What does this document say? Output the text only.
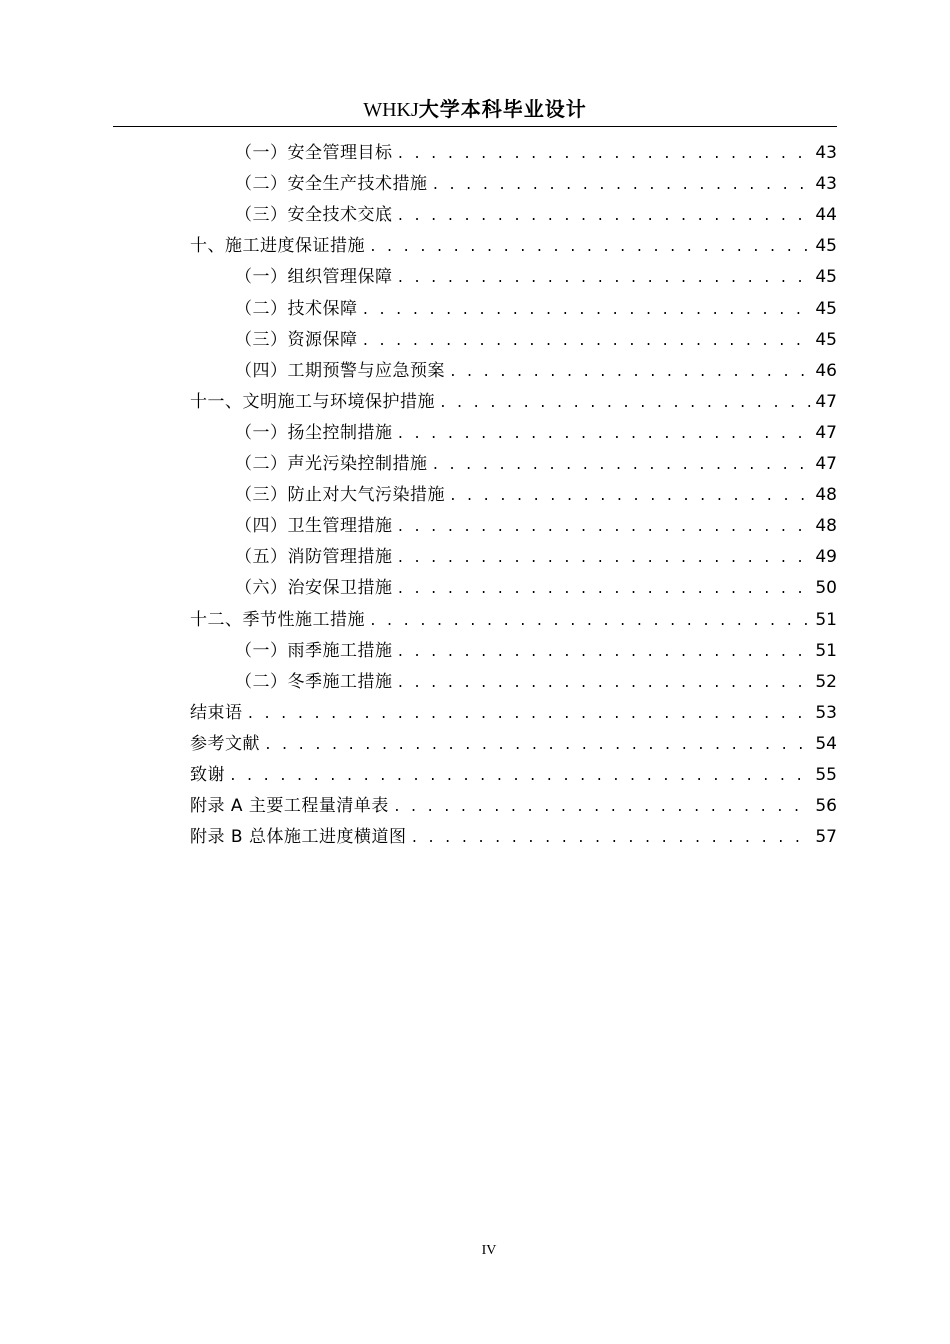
WHKJ大学本科毕业设计
（一）安全管理目标 . . .	43
（二）安全生产技术措施 . . .	43
（三）安全技术交底 . . .	44
十、施工进度保证措施 . . .	45
（一）组织管理保障 . . .	45
（二）技术保障 . . .	45
（三）资源保障 . . .	45
（四）工期预警与应急预案 . . .	46
十一、文明施工与环境保护措施 . . .	47
（一）扬尘控制措施 . . .	47
（二）声光污染控制措施 . . .	47
（三）防止对大气污染措施 . . .	48
（四）卫生管理措施 . . .	48
（五）消防管理措施 . . .	49
（六）治安保卫措施 . . .	50
十二、季节性施工措施 . . .	51
（一）雨季施工措施 . . .	51
（二）冬季施工措施 . . .	52
结束语 . . .	53
参考文献 . . .	54
致谢 . . .	55
附录 A 主要工程量清单表 . . .	56
附录 B 总体施工进度横道图 . . .	57
IV
